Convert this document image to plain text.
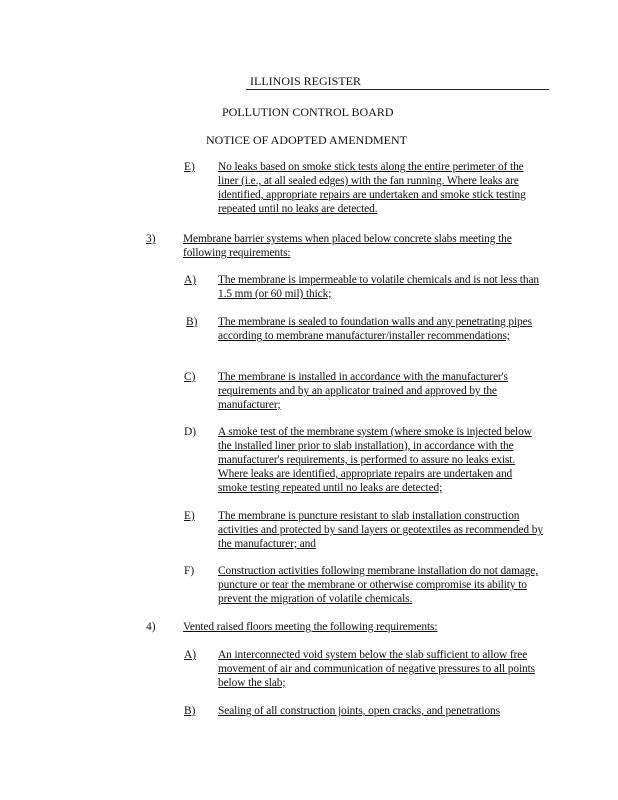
ILLINOIS REGISTER
POLLUTION CONTROL BOARD
NOTICE OF ADOPTED AMENDMENT
E) No leaks based on smoke stick tests along the entire perimeter of the liner (i.e., at all sealed edges) with the fan running. Where leaks are identified, appropriate repairs are undertaken and smoke stick testing repeated until no leaks are detected.
3) Membrane barrier systems when placed below concrete slabs meeting the following requirements:
A) The membrane is impermeable to volatile chemicals and is not less than 1.5 mm (or 60 mil) thick;
B) The membrane is sealed to foundation walls and any penetrating pipes according to membrane manufacturer/installer recommendations;
C) The membrane is installed in accordance with the manufacturer's requirements and by an applicator trained and approved by the manufacturer;
D) A smoke test of the membrane system (where smoke is injected below the installed liner prior to slab installation), in accordance with the manufacturer's requirements, is performed to assure no leaks exist. Where leaks are identified, appropriate repairs are undertaken and smoke testing repeated until no leaks are detected;
E) The membrane is puncture resistant to slab installation construction activities and protected by sand layers or geotextiles as recommended by the manufacturer; and
F) Construction activities following membrane installation do not damage, puncture or tear the membrane or otherwise compromise its ability to prevent the migration of volatile chemicals.
4) Vented raised floors meeting the following requirements:
A) An interconnected void system below the slab sufficient to allow free movement of air and communication of negative pressures to all points below the slab;
B) Sealing of all construction joints, open cracks, and penetrations
